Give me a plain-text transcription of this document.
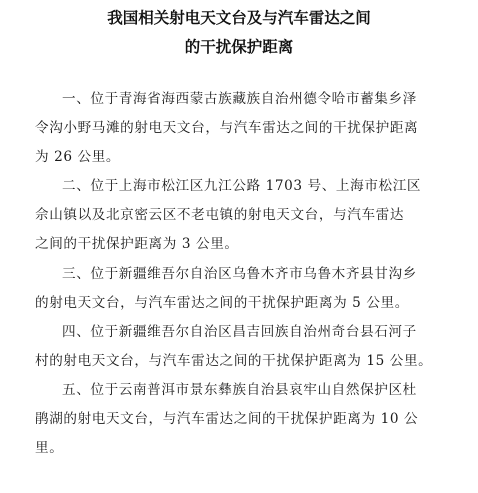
我国相关射电天文台及与汽车雷达之间
的干扰保护距离
一、位于青海省海西蒙古族藏族自治州德令哈市蓄集乡泽
令沟小野马滩的射电天文台，与汽车雷达之间的干扰保护距离
为 26 公里。
二、位于上海市松江区九江公路 1703 号、上海市松江区
佘山镇以及北京密云区不老屯镇的射电天文台，与汽车雷达
之间的干扰保护距离为 3 公里。
三、位于新疆维吾尔自治区乌鲁木齐市乌鲁木齐县甘沟乡
的射电天文台，与汽车雷达之间的干扰保护距离为 5 公里。
四、位于新疆维吾尔自治区昌吉回族自治州奇台县石河子
村的射电天文台，与汽车雷达之间的干扰保护距离为 15 公里。
五、位于云南普洱市景东彝族自治县哀牢山自然保护区杜
鹃湖的射电天文台，与汽车雷达之间的干扰保护距离为 10 公
里。
